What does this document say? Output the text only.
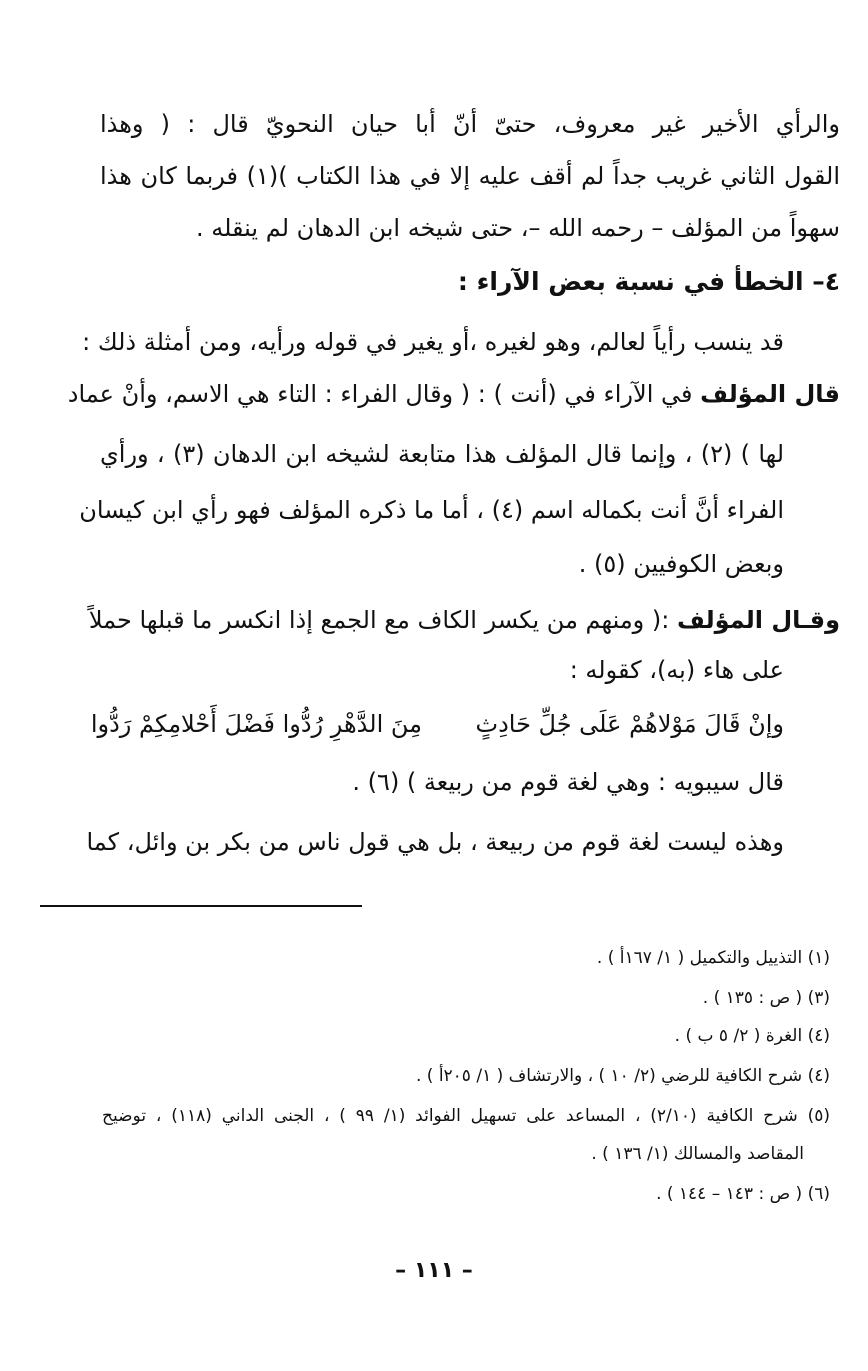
والرأي الأخير غير معروف، حتىّ أنّ أبا حيان النحويّ قال : ( وهذا
القول الثاني غريب جداً لم أقف عليه إلا في هذا الكتاب )(١) فربما كان هذا
سهواً من المؤلف – رحمه الله –، حتى شيخه ابن الدهان لم ينقله .
٤– الخطأ في نسبة بعض الآراء :
قد ينسب رأياً لعالم، وهو لغيره ،أو يغير في قوله ورأيه، ومن أمثلة ذلك :
قال المؤلف في الآراء في (أنت ) : ( وقال الفراء : التاء هي الاسم، وأنْ عماد
لها ) (٢) ، وإنما قال المؤلف هذا متابعة لشيخه ابن الدهان (٣) ، ورأي
الفراء أنَّ أنت بكماله اسم (٤) ، أما ما ذكره المؤلف فهو رأي ابن كيسان
وبعض الكوفيين (٥) .
وقـال المؤلف :( ومنهم من يكسر الكاف مع الجمع إذا انكسر ما قبلها حملاً
على هاء (به)، كقوله :
وإنْ قَالَ مَوْلاهُمْ عَلَى جُلِّ حَادِثٍ
مِنَ الدَّهْرِ رُدُّوا فَضْلَ أَحْلامِكِمْ رَدُّوا
قال سيبويه : وهي لغة قوم من ربيعة ) (٦) .
وهذه ليست لغة قوم من ربيعة ، بل هي قول ناس من بكر بن وائل، كما
(١) التذييل والتكميل ( ١/ ١٦٧أ ) .
(٣) ( ص : ١٣٥ ) .
(٤) الغرة ( ٢/ ٥ ب ) .
(٤) شرح الكافية للرضي (٢/ ١٠ ) ، والارتشاف ( ١/ ٢٠٥أ ) .
(٥) شرح الكافية (٢/١٠) ، المساعد على تسهيل الفوائد (١/ ٩٩ ) ، الجنى الداني (١١٨) ، توضيح
المقاصد والمسالك (١/ ١٣٦ ) .
(٦) ( ص : ١٤٣ – ١٤٤ ) .
– ١١١ –
